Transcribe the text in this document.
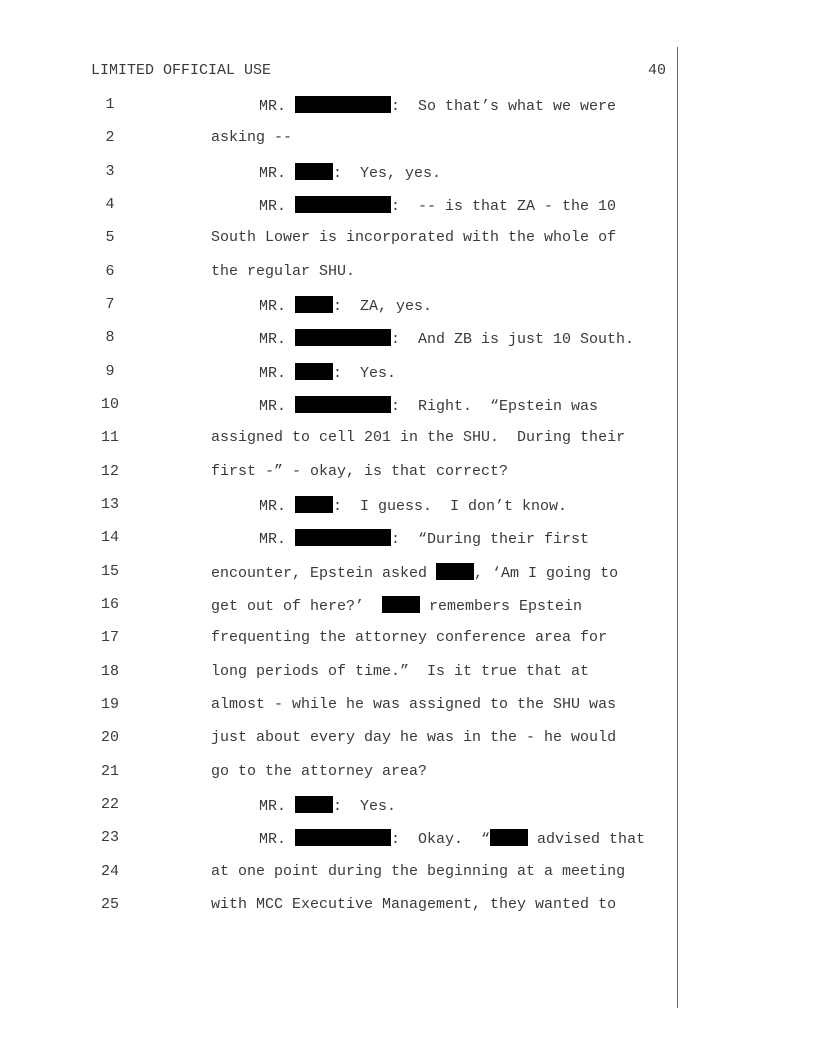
LIMITED OFFICIAL USE	40
1	MR.	:  So that’s what we were
2	asking --
3	MR.	:  Yes, yes.
4	MR.	:  -- is that ZA - the 10
5	South Lower is incorporated with the whole of
6	the regular SHU.
7	MR.	:  ZA, yes.
8	MR.	:  And ZB is just 10 South.
9	MR.	:  Yes.
10	MR.	:  Right.  “Epstein was
11	assigned to cell 201 in the SHU.  During their
12	first -” - okay, is that correct?
13	MR.	:  I guess.  I don’t know.
14	MR.	:  “During their first
15	encounter, Epstein asked	, ‘Am I going to
16	get out of here?’	remembers Epstein
17	frequenting the attorney conference area for
18	long periods of time.”  Is it true that at
19	almost - while he was assigned to the SHU was
20	just about every day he was in the - he would
21	go to the attorney area?
22	MR.	:  Yes.
23	MR.	:  Okay.  “	advised that
24	at one point during the beginning at a meeting
25	with MCC Executive Management, they wanted to
